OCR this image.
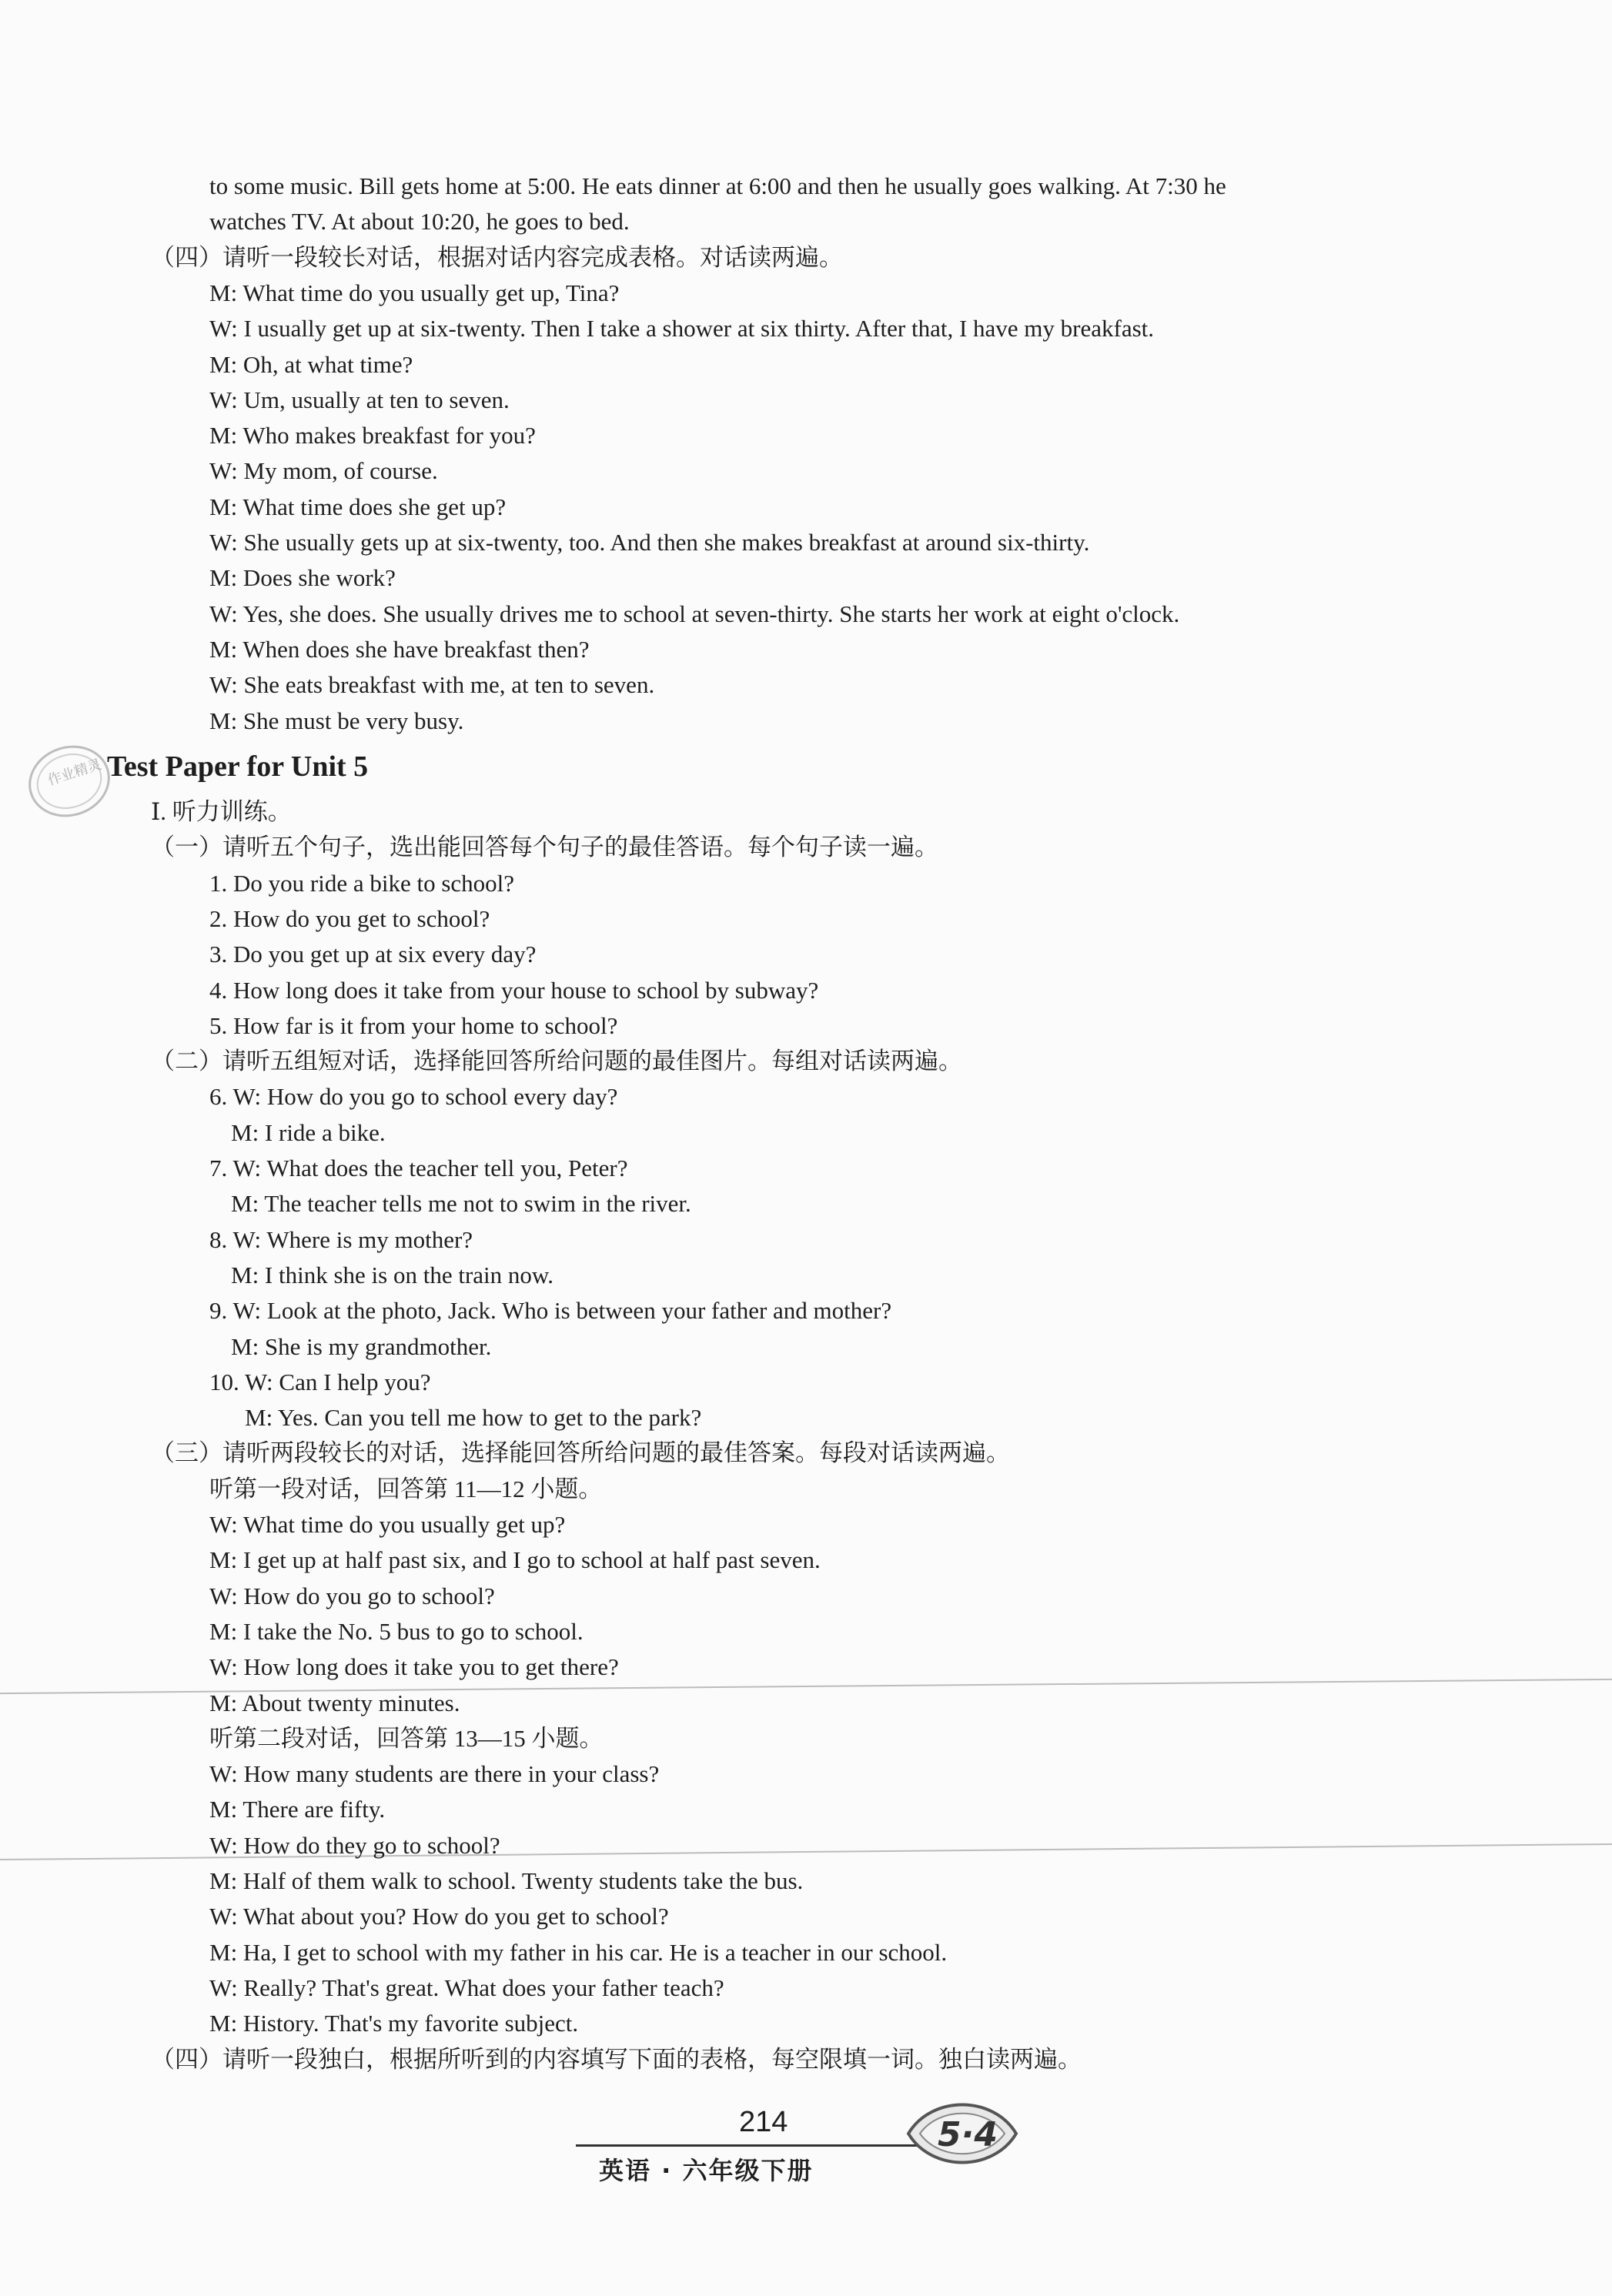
to some music. Bill gets home at 5:00. He eats dinner at 6:00 and then he usually goes walking. At 7:30 he
watches TV. At about 10:20, he goes to bed.
（四）请听一段较长对话，根据对话内容完成表格。对话读两遍。
M: What time do you usually get up, Tina?
W: I usually get up at six-twenty. Then I take a shower at six thirty. After that, I have my breakfast.
M: Oh, at what time?
W: Um, usually at ten to seven.
M: Who makes breakfast for you?
W: My mom, of course.
M: What time does she get up?
W: She usually gets up at six-twenty, too. And then she makes breakfast at around six-thirty.
M: Does she work?
W: Yes, she does. She usually drives me to school at seven-thirty. She starts her work at eight o'clock.
M: When does she have breakfast then?
W: She eats breakfast with me, at ten to seven.
M: She must be very busy.
作业精灵 Test Paper for Unit 5
Ⅰ. 听力训练。
（一）请听五个句子，选出能回答每个句子的最佳答语。每个句子读一遍。
1. Do you ride a bike to school?
2. How do you get to school?
3. Do you get up at six every day?
4. How long does it take from your house to school by subway?
5. How far is it from your home to school?
（二）请听五组短对话，选择能回答所给问题的最佳图片。每组对话读两遍。
6. W: How do you go to school every day?
M: I ride a bike.
7. W: What does the teacher tell you, Peter?
M: The teacher tells me not to swim in the river.
8. W: Where is my mother?
M: I think she is on the train now.
9. W: Look at the photo, Jack. Who is between your father and mother?
M: She is my grandmother.
10. W: Can I help you?
M: Yes. Can you tell me how to get to the park?
（三）请听两段较长的对话，选择能回答所给问题的最佳答案。每段对话读两遍。
听第一段对话，回答第 11—12 小题。
W: What time do you usually get up?
M: I get up at half past six, and I go to school at half past seven.
W: How do you go to school?
M: I take the No. 5 bus to go to school.
W: How long does it take you to get there?
M: About twenty minutes.
听第二段对话，回答第 13—15 小题。
W: How many students are there in your class?
M: There are fifty.
W: How do they go to school?
M: Half of them walk to school. Twenty students take the bus.
W: What about you? How do you get to school?
M: Ha, I get to school with my father in his car. He is a teacher in our school.
W: Really? That's great. What does your father teach?
M: History. That's my favorite subject.
（四）请听一段独白，根据所听到的内容填写下面的表格，每空限填一词。独白读两遍。
214
英语 · 六年级下册
5·4
